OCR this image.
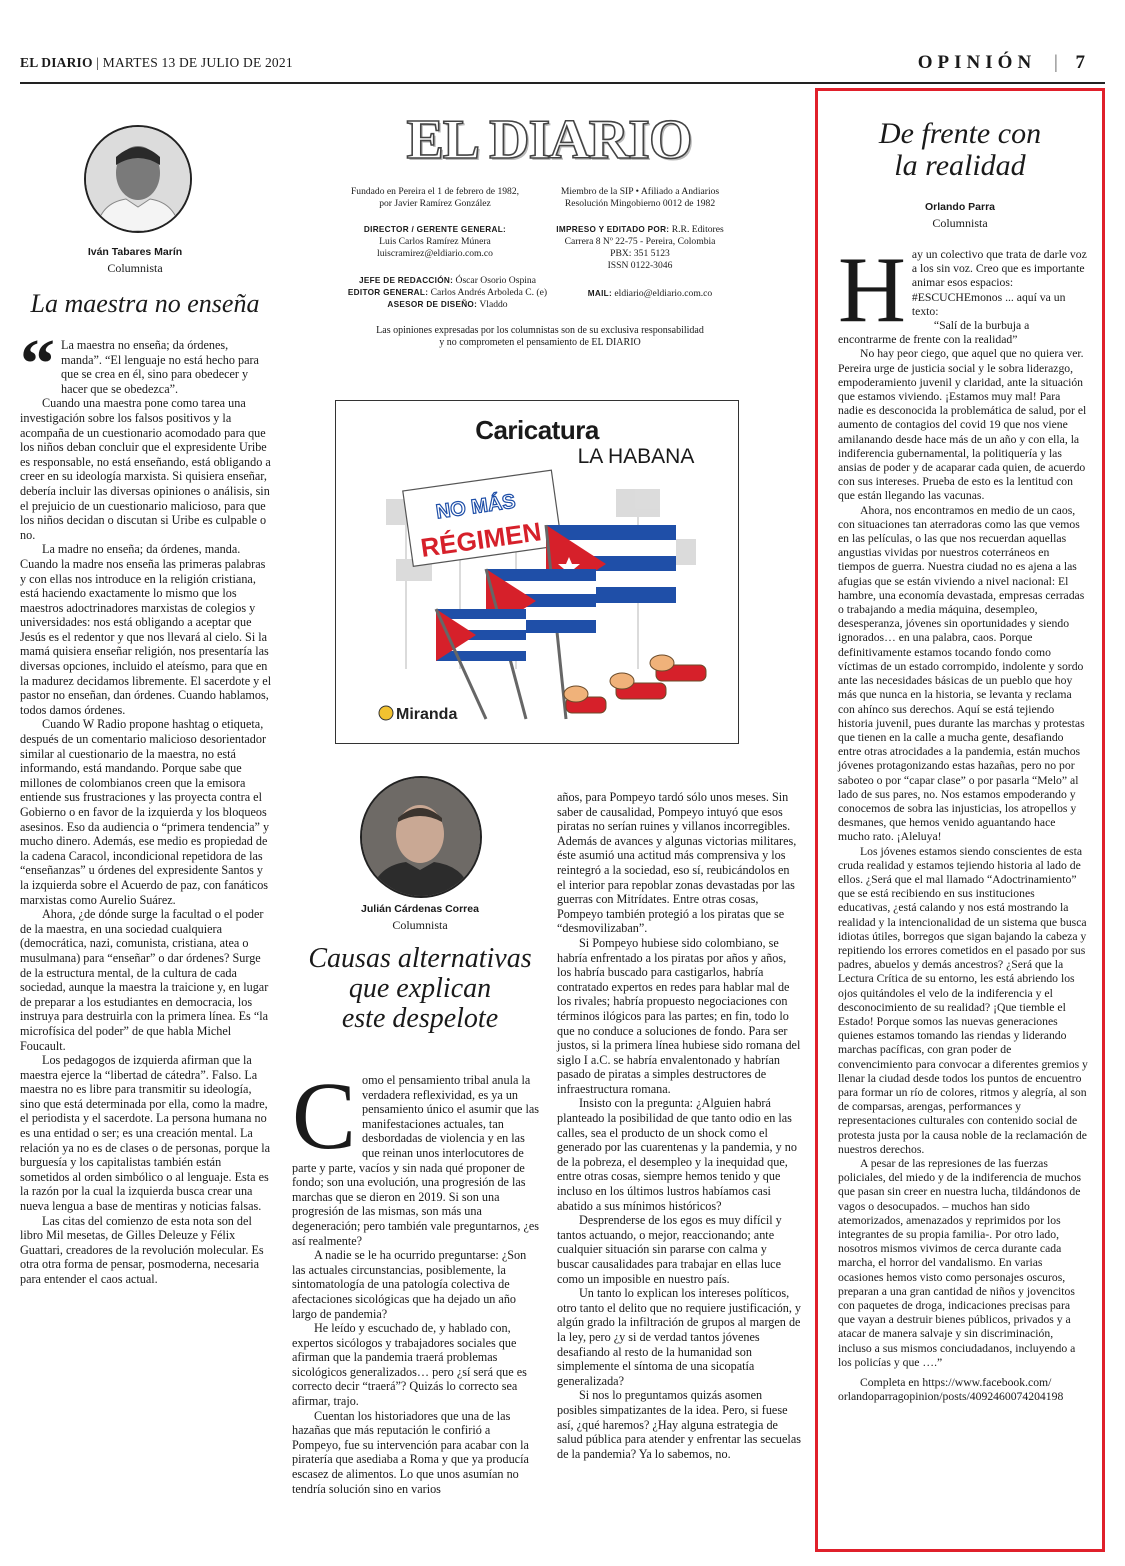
EL DIARIO | MARTES 13 DE JULIO DE 2021	OPINIÓN | 7
Iván Tabares Marín
Columnista
La maestra no enseña
“ La maestra no enseña; da órdenes, manda”. “El lenguaje no está hecho para que se crea en él, sino para obedecer y hacer que se obedezca”.

Cuando una maestra pone como tarea una investigación sobre los falsos positivos y la acompaña de un cuestionario acomodado para que los niños deban concluir que el expresidente Uribe es responsable, no está enseñando, está obligando a creer en su ideología marxista. Si quisiera enseñar, debería incluir las diversas opiniones o análisis, sin el prejuicio de un cuestionario malicioso, para que los niños decidan o discutan si Uribe es culpable o no.

La madre no enseña; da órdenes, manda. Cuando la madre nos enseña las primeras palabras y con ellas nos introduce en la religión cristiana, está haciendo exactamente lo mismo que los maestros adoctrinadores marxistas de colegios y universidades: nos está obligando a aceptar que Jesús es el redentor y que nos llevará al cielo. Si la mamá quisiera enseñar religión, nos presentaría las diversas opciones, incluido el ateísmo, para que en la madurez decidamos libremente. El sacerdote y el pastor no enseñan, dan órdenes. Cuando hablamos, todos damos órdenes.

Cuando W Radio propone hashtag o etiqueta, después de un comentario malicioso desorientador similar al cuestionario de la maestra, no está informando, está mandando. Porque sabe que millones de colombianos creen que la emisora entiende sus frustraciones y las proyecta contra el Gobierno o en favor de la izquierda y los bloqueos asesinos. Eso da audiencia o “primera tendencia” y mucho dinero. Además, ese medio es propiedad de la cadena Caracol, incondicional repetidora de las “enseñanzas” u órdenes del expresidente Santos y la izquierda sobre el Acuerdo de paz, con fanáticos marxistas como Aurelio Suárez.

Ahora, ¿de dónde surge la facultad o el poder de la maestra, en una sociedad cualquiera (democrática, nazi, comunista, cristiana, atea o musulmana) para “enseñar” o dar órdenes? Surge de la estructura mental, de la cultura de cada sociedad, aunque la maestra la traicione y, en lugar de preparar a los estudiantes en democracia, los instruya para destruirla con la primera línea. Es “la microfísica del poder” de que habla Michel Foucault.

Los pedagogos de izquierda afirman que la maestra ejerce la “libertad de cátedra”. Falso. La maestra no es libre para transmitir su ideología, sino que está determinada por ella, como la madre, el periodista y el sacerdote. La persona humana no es una entidad o ser; es una creación mental. La relación ya no es de clases o de personas, porque la burguesía y los capitalistas también están sometidos al orden simbólico o al lenguaje. Esta es la razón por la cual la izquierda busca crear una nueva lengua a base de mentiras y noticias falsas.

Las citas del comienzo de esta nota son del libro Mil mesetas, de Gilles Deleuze y Félix Guattari, creadores de la revolución molecular. Es otra otra forma de pensar, posmoderna, necesaria para entender el caos actual.

EL DIARIO
Fundado en Pereira el 1 de febrero de 1982,
por Javier Ramírez González
Miembro de la SIP • Afiliado a Andiarios
Resolución Mingobierno 0012 de 1982
DIRECTOR / GERENTE GENERAL:
Luis Carlos Ramírez Múnera
luiscramirez@eldiario.com.co
IMPRESO Y EDITADO POR: R.R. Editores
Carrera 8 Nº 22-75 - Pereira, Colombia
PBX: 351 5123
ISSN 0122-3046
JEFE DE REDACCIÓN: Óscar Osorio Ospina
EDITOR GENERAL: Carlos Andrés Arboleda C. (e)
ASESOR DE DISEÑO: Vladdo
MAIL: eldiario@eldiario.com.co
Las opiniones expresadas por los columnistas son de su exclusiva responsabilidad
y no comprometen el pensamiento de EL DIARIO
Caricatura
LA HABANA
NO MÁS
RÉGIMEN
Miranda
Julián Cárdenas Correa
Columnista
Causas alternativas
que explican
este despelote
C omo el pensamiento tribal anula la verdadera reflexividad, es ya un pensamiento único el asumir que las manifestaciones actuales, tan desbordadas de violencia y en las que reinan unos interlocutores de parte y parte, vacíos y sin nada qué proponer de fondo; son una evolución, una progresión de las marchas que se dieron en 2019. Si son una progresión de las mismas, son más una degeneración; pero también vale preguntarnos, ¿es así realmente?

A nadie se le ha ocurrido preguntarse: ¿Son las actuales circunstancias, posiblemente, la sintomatología de una patología colectiva de afectaciones sicológicas que ha dejado un año largo de pandemia?

He leído y escuchado de, y hablado con, expertos sicólogos y trabajadores sociales que afirman que la pandemia traerá problemas sicológicos generalizados… pero ¿sí será que es correcto decir “traerá”? Quizás lo correcto sea afirmar, trajo.

Cuentan los historiadores que una de las hazañas que más reputación le confirió a Pompeyo, fue su intervención para acabar con la piratería que asediaba a Roma y que ya producía escasez de alimentos. Lo que unos asumían no tendría solución sino en varios

años, para Pompeyo tardó sólo unos meses. Sin saber de causalidad, Pompeyo intuyó que esos piratas no serían ruines y villanos incorregibles. Además de avances y algunas victorias militares, éste asumió una actitud más comprensiva y los reintegró a la sociedad, eso sí, reubicándolos en el interior para repoblar zonas devastadas por las guerras con Mitrídates. Entre otras cosas, Pompeyo también protegió a los piratas que se “desmovilizaban”.

Si Pompeyo hubiese sido colombiano, se habría enfrentado a los piratas por años y años, los habría buscado para castigarlos, habría contratado expertos en redes para hablar mal de los rivales; habría propuesto negociaciones con términos ilógicos para las partes; en fin, todo lo que no conduce a soluciones de fondo. Para ser justos, si la primera línea hubiese sido romana del siglo I a.C. se habría envalentonado y habrían pasado de piratas a simples destructores de infraestructura romana.

Insisto con la pregunta: ¿Alguien habrá planteado la posibilidad de que tanto odio en las calles, sea el producto de un shock como el generado por las cuarentenas y la pandemia, y no de la pobreza, el desempleo y la inequidad que, entre otras cosas, siempre hemos tenido y que incluso en los últimos lustros habíamos casi abatido a sus mínimos históricos?

Desprenderse de los egos es muy difícil y tantos actuando, o mejor, reaccionando; ante cualquier situación sin pararse con calma y buscar causalidades para trabajar en ellas luce como un imposible en nuestro país.

Un tanto lo explican los intereses políticos, otro tanto el delito que no requiere justificación, y algún grado la infiltración de grupos al margen de la ley, pero ¿y si de verdad tantos jóvenes desafiando al resto de la humanidad son simplemente el síntoma de una sicopatía generalizada?

Si nos lo preguntamos quizás asomen posibles simpatizantes de la idea. Pero, si fuese así, ¿qué haremos? ¿Hay alguna estrategia de salud pública para atender y enfrentar las secuelas de la pandemia? Ya lo sabemos, no.

De frente con
la realidad
Orlando Parra
Columnista
H ay un colectivo que trata de darle voz a los sin voz. Creo que es importante animar esos espacios: #ESCUCHEmonos ... aquí va un texto:

“Salí de la burbuja a encontrarme de frente con la realidad”

No hay peor ciego, que aquel que no quiera ver. Pereira urge de justicia social y le sobra liderazgo, empoderamiento juvenil y claridad, ante la situación que estamos viviendo. ¡Estamos muy mal! Para nadie es desconocida la problemática de salud, por el aumento de contagios del covid 19 que nos viene amilanando desde hace más de un año y con ella, la indiferencia gubernamental, la politiquería y las ansias de poder y de acaparar cada quien, de acuerdo con sus intereses. Prueba de esto es la lentitud con que están llegando las vacunas.

Ahora, nos encontramos en medio de un caos, con situaciones tan aterradoras como las que vemos en las películas, o las que nos recuerdan aquellas angustias vividas por nuestros coterráneos en tiempos de guerra. Nuestra ciudad no es ajena a las afugias que se están viviendo a nivel nacional: El hambre, una economía devastada, empresas cerradas o trabajando a media máquina, desempleo, desesperanza, jóvenes sin oportunidades y siendo ignorados… en una palabra, caos. Porque definitivamente estamos tocando fondo como víctimas de un estado corrompido, indolente y sordo ante las necesidades básicas de un pueblo que hoy más que nunca en la historia, se levanta y reclama con ahínco sus derechos. Aquí se está tejiendo historia juvenil, pues durante las marchas y protestas que tienen en la calle a mucha gente, desafiando entre otras atrocidades a la pandemia, están muchos jóvenes protagonizando estas hazañas, pero no por saboteo o por “capar clase” o por pasarla “Melo” al lado de sus pares, no. Nos estamos empoderando y conocemos de sobra las injusticias, los atropellos y desmanes, que hemos venido aguantando hace mucho rato. ¡Aleluya!

Los jóvenes estamos siendo conscientes de esta cruda realidad y estamos tejiendo historia al lado de ellos. ¿Será que el mal llamado “Adoctrinamiento” que se está recibiendo en sus instituciones educativas, ¿está calando y nos está mostrando la realidad y la intencionalidad de un sistema que busca idiotas útiles, borregos que sigan bajando la cabeza y repitiendo los errores cometidos en el pasado por sus padres, abuelos y demás ancestros? ¿Será que la Lectura Crítica de su entorno, les está abriendo los ojos quitándoles el velo de la indiferencia y el desconocimiento de su realidad? ¡Que tiemble el Estado! Porque somos las nuevas generaciones quienes estamos tomando las riendas y liderando marchas pacíficas, con gran poder de convencimiento para convocar a diferentes gremios y llenar la ciudad desde todos los puntos de encuentro para formar un río de colores, ritmos y alegría, al son de comparsas, arengas, performances y representaciones culturales con contenido social de protesta justa por la causa noble de la reclamación de nuestros derechos.

A pesar de las represiones de las fuerzas policiales, del miedo y de la indiferencia de muchos que pasan sin creer en nuestra lucha, tildándonos de vagos o desocupados. – muchos han sido atemorizados, amenazados y reprimidos por los integrantes de su propia familia-. Por otro lado, nosotros mismos vivimos de cerca durante cada marcha, el horror del vandalismo. En varias ocasiones hemos visto como personajes oscuros, preparan a una gran cantidad de niños y jovencitos con paquetes de droga, indicaciones precisas para que vayan a destruir bienes públicos, privados y a atacar de manera salvaje y sin discriminación, incluso a sus mismos conciudadanos, incluyendo a los policías y que ….”

Completa en https://www.facebook.com/

orlandoparragopinion/posts/4092460074204198
